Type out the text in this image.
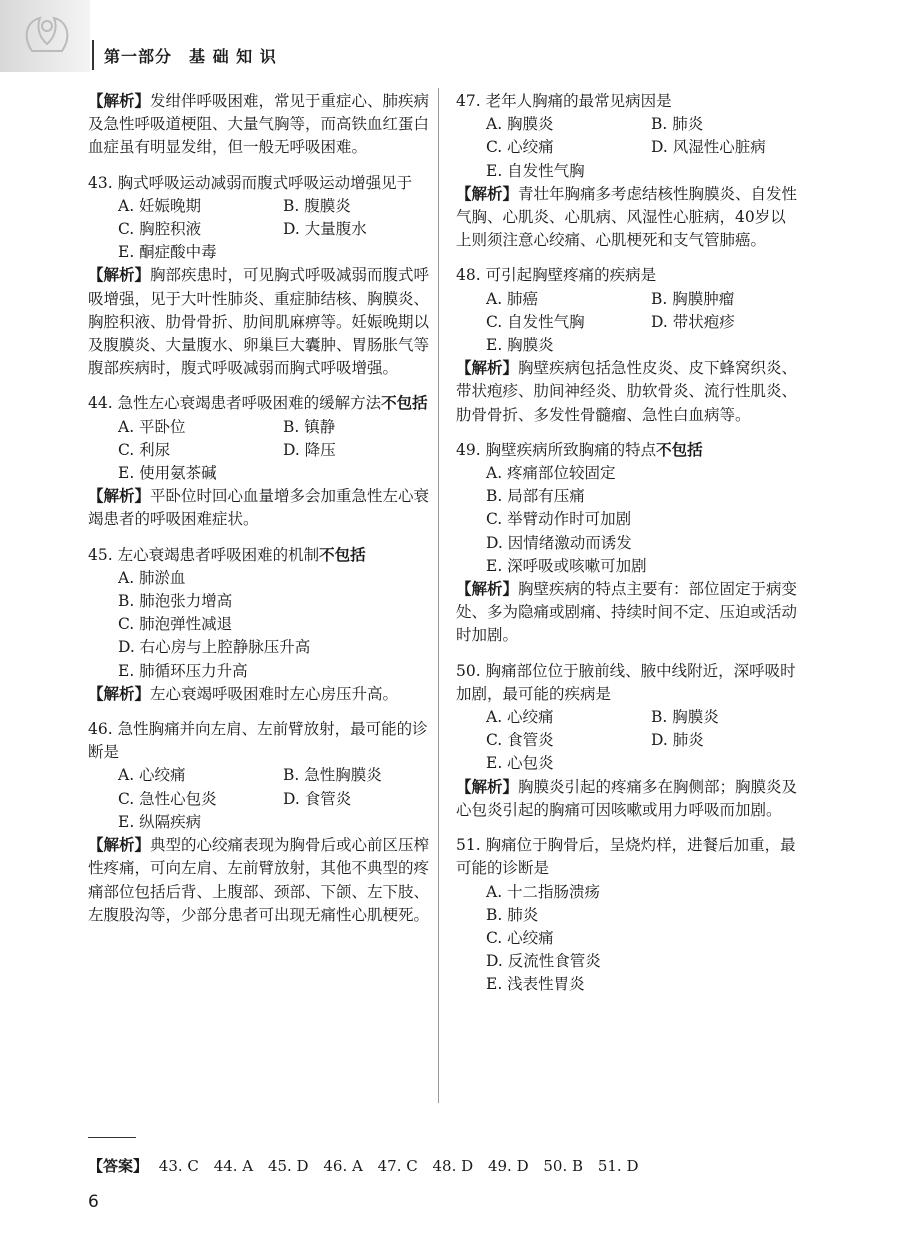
第一部分　基 础 知 识
【解析】发绀伴呼吸困难，常见于重症心、肺疾病及急性呼吸道梗阻、大量气胸等，而高铁血红蛋白血症虽有明显发绀，但一般无呼吸困难。
43. 胸式呼吸运动减弱而腹式呼吸运动增强见于
A. 妊娠晚期	B. 腹膜炎
C. 胸腔积液	D. 大量腹水
E. 酮症酸中毒
【解析】胸部疾患时，可见胸式呼吸减弱而腹式呼吸增强，见于大叶性肺炎、重症肺结核、胸膜炎、胸腔积液、肋骨骨折、肋间肌麻痹等。妊娠晚期以及腹膜炎、大量腹水、卵巢巨大囊肿、胃肠胀气等腹部疾病时，腹式呼吸减弱而胸式呼吸增强。
44. 急性左心衰竭患者呼吸困难的缓解方法不包括
A. 平卧位	B. 镇静
C. 利尿	D. 降压
E. 使用氨茶碱
【解析】平卧位时回心血量增多会加重急性左心衰竭患者的呼吸困难症状。
45. 左心衰竭患者呼吸困难的机制不包括
A. 肺淤血
B. 肺泡张力增高
C. 肺泡弹性减退
D. 右心房与上腔静脉压升高
E. 肺循环压力升高
【解析】左心衰竭呼吸困难时左心房压升高。
46. 急性胸痛并向左肩、左前臂放射，最可能的诊断是
A. 心绞痛	B. 急性胸膜炎
C. 急性心包炎	D. 食管炎
E. 纵隔疾病
【解析】典型的心绞痛表现为胸骨后或心前区压榨性疼痛，可向左肩、左前臂放射，其他不典型的疼痛部位包括后背、上腹部、颈部、下颌、左下肢、左腹股沟等，少部分患者可出现无痛性心肌梗死。
47. 老年人胸痛的最常见病因是
A. 胸膜炎	B. 肺炎
C. 心绞痛	D. 风湿性心脏病
E. 自发性气胸
【解析】青壮年胸痛多考虑结核性胸膜炎、自发性气胸、心肌炎、心肌病、风湿性心脏病，40岁以上则须注意心绞痛、心肌梗死和支气管肺癌。
48. 可引起胸壁疼痛的疾病是
A. 肺癌	B. 胸膜肿瘤
C. 自发性气胸	D. 带状疱疹
E. 胸膜炎
【解析】胸壁疾病包括急性皮炎、皮下蜂窝织炎、带状疱疹、肋间神经炎、肋软骨炎、流行性肌炎、肋骨骨折、多发性骨髓瘤、急性白血病等。
49. 胸壁疾病所致胸痛的特点不包括
A. 疼痛部位较固定
B. 局部有压痛
C. 举臂动作时可加剧
D. 因情绪激动而诱发
E. 深呼吸或咳嗽可加剧
【解析】胸壁疾病的特点主要有：部位固定于病变处、多为隐痛或剧痛、持续时间不定、压迫或活动时加剧。
50. 胸痛部位位于腋前线、腋中线附近，深呼吸时加剧，最可能的疾病是
A. 心绞痛	B. 胸膜炎
C. 食管炎	D. 肺炎
E. 心包炎
【解析】胸膜炎引起的疼痛多在胸侧部；胸膜炎及心包炎引起的胸痛可因咳嗽或用力呼吸而加剧。
51. 胸痛位于胸骨后，呈烧灼样，进餐后加重，最可能的诊断是
A. 十二指肠溃疡
B. 肺炎
C. 心绞痛
D. 反流性食管炎
E. 浅表性胃炎
【答案】 43. C 44. A 45. D 46. A 47. C 48. D 49. D 50. B 51. D
6
